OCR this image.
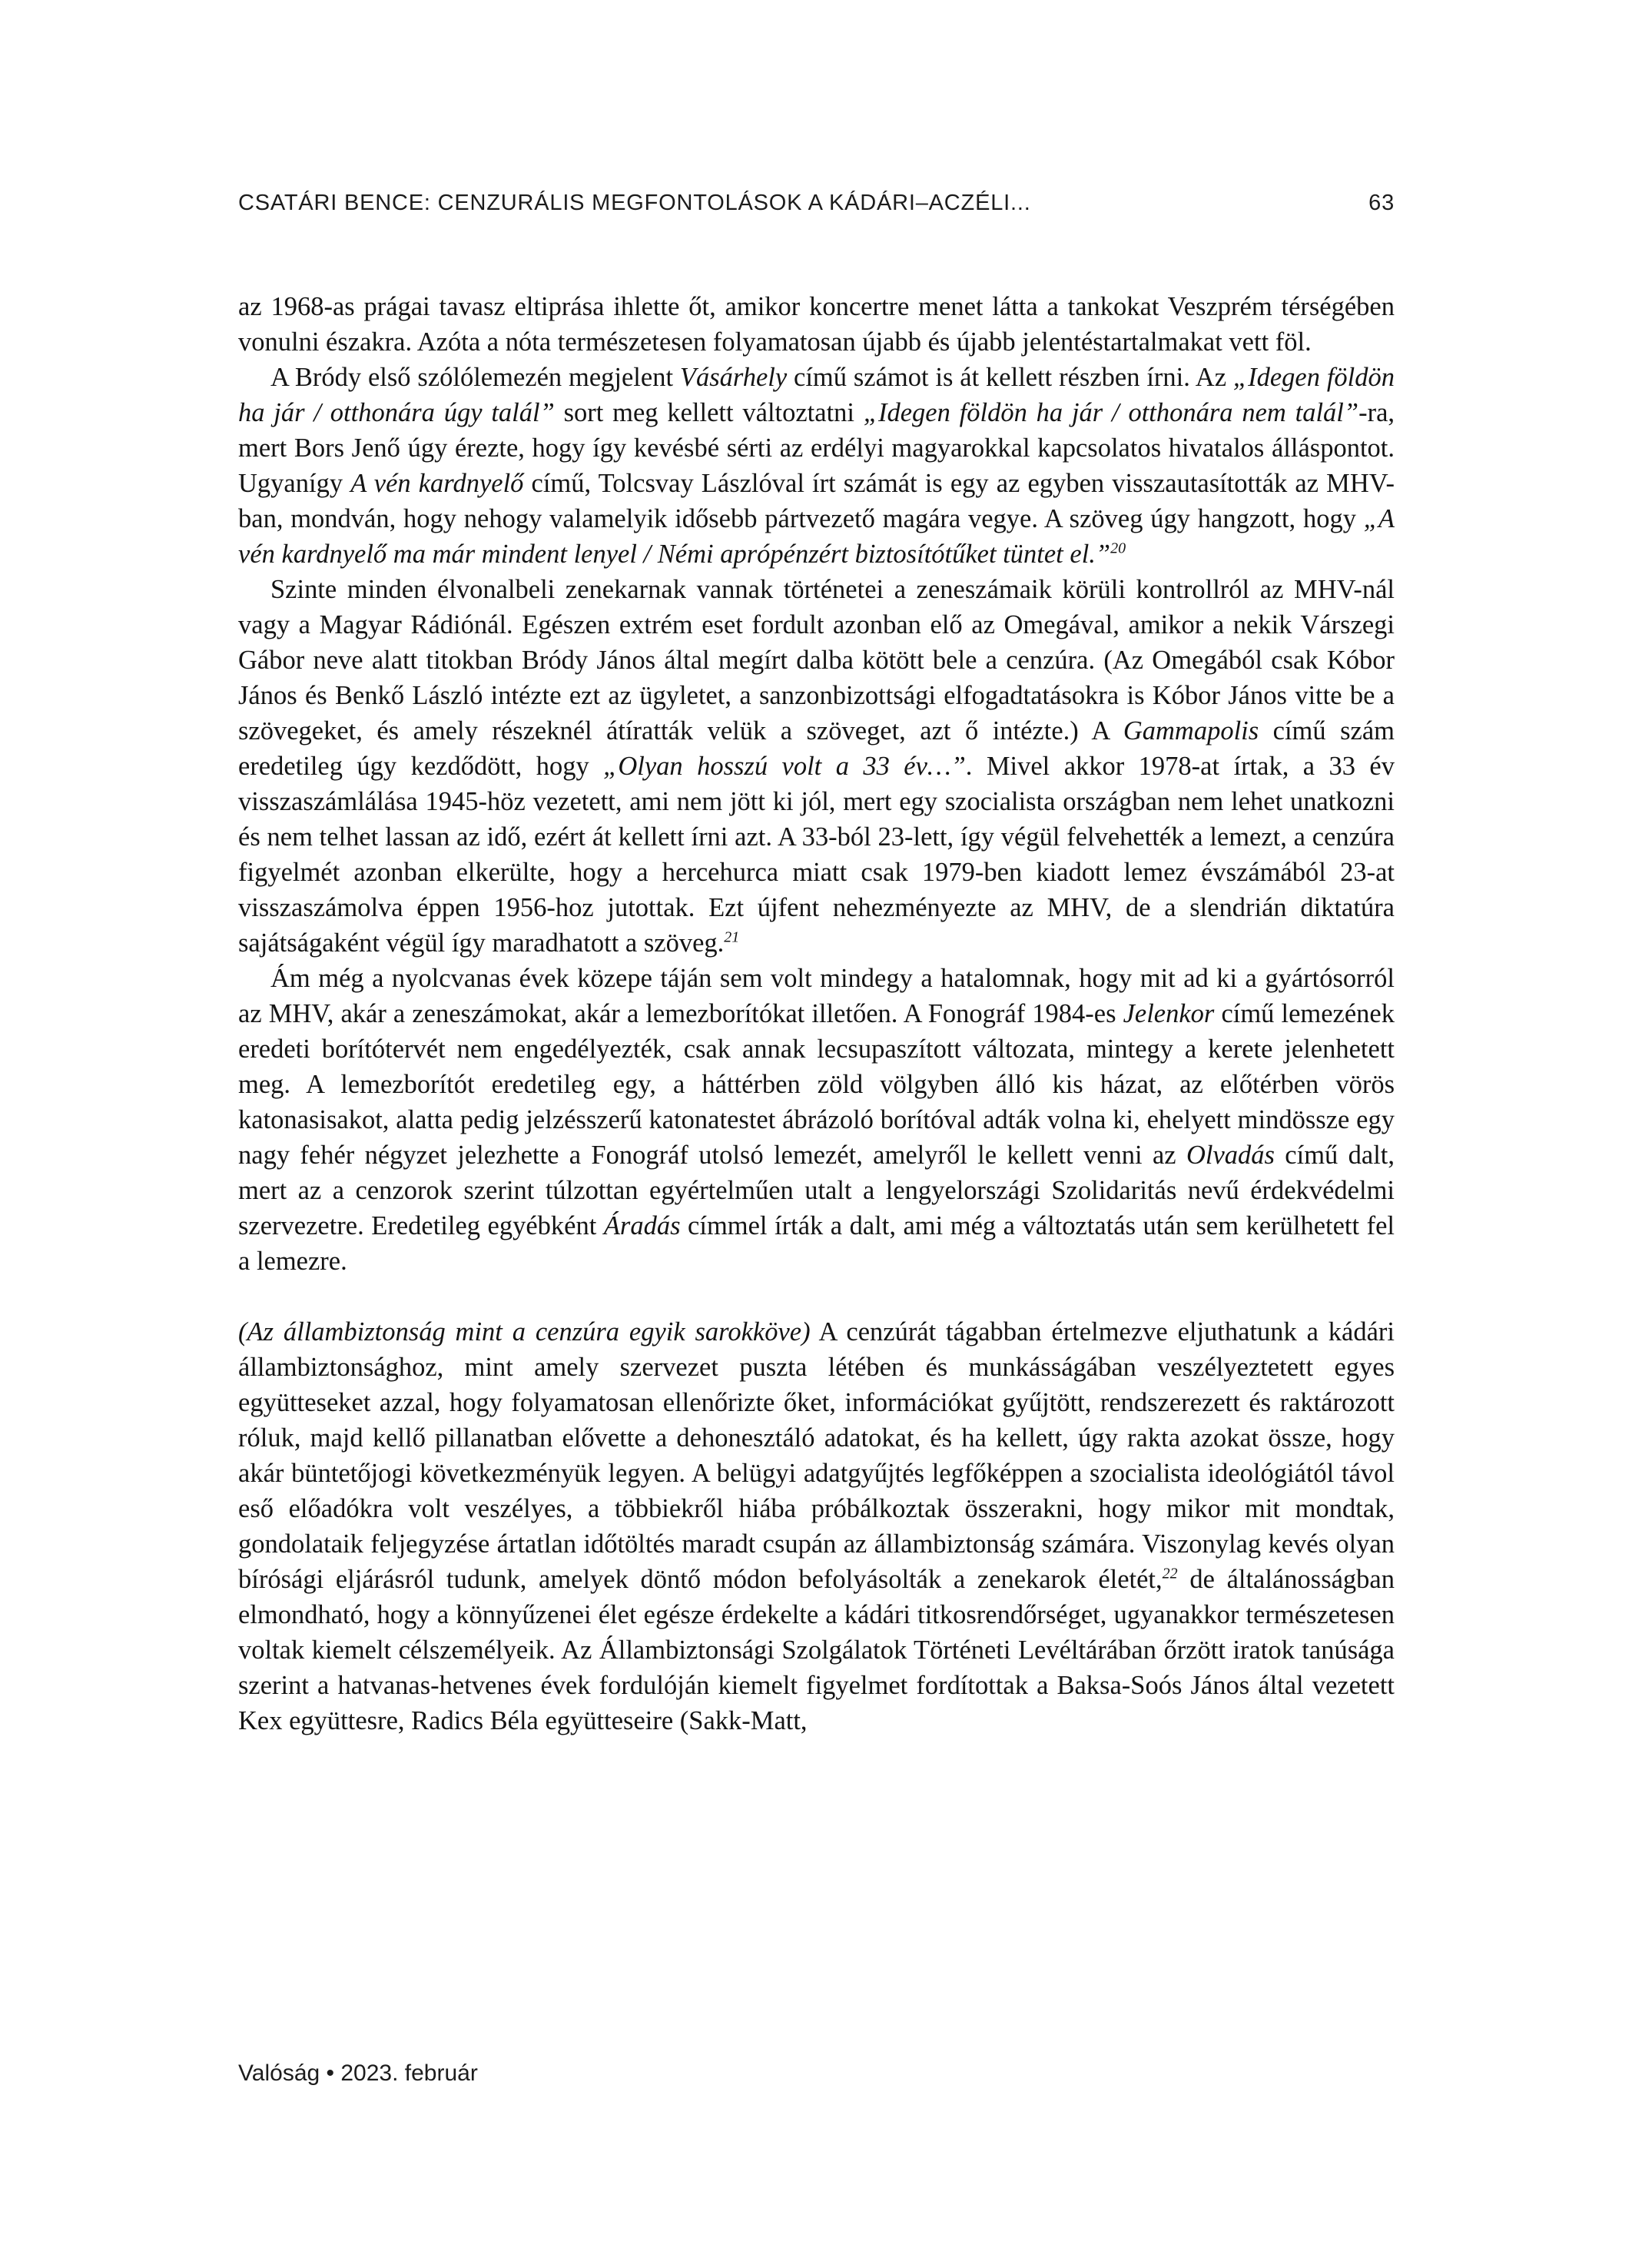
CSATÁRI BENCE: CENZURÁLIS MEGFONTOLÁSOK A KÁDÁRI–ACZÉLI...	63

az 1968-as prágai tavasz eltiprása ihlette őt, amikor koncertre menet látta a tankokat Veszprém térségében vonulni északra. Azóta a nóta természetesen folyamatosan újabb és újabb jelentéstartalmakat vett föl.

A Bródy első szólólemezén megjelent Vásárhely című számot is át kellett részben írni. Az „Idegen földön ha jár / otthonára úgy talál” sort meg kellett változtatni „Idegen földön ha jár / otthonára nem talál”-ra, mert Bors Jenő úgy érezte, hogy így kevésbé sérti az erdélyi magyarokkal kapcsolatos hivatalos álláspontot. Ugyanígy A vén kardnyelő című, Tolcsvay Lászlóval írt számát is egy az egyben visszautasították az MHV-ban, mondván, hogy nehogy valamelyik idősebb pártvezető magára vegye. A szöveg úgy hangzott, hogy „A vén kardnyelő ma már mindent lenyel / Némi aprópénzért biztosítótűket tüntet el.”$^{20}$

Szinte minden élvonalbeli zenekarnak vannak történetei a zeneszámaik körüli kontrollról az MHV-nál vagy a Magyar Rádiónál. Egészen extrém eset fordult azonban elő az Omegával, amikor a nekik Várszegi Gábor neve alatt titokban Bródy János által megírt dalba kötött bele a cenzúra. (Az Omegából csak Kóbor János és Benkő László intézte ezt az ügyletet, a sanzonbizottsági elfogadtatásokra is Kóbor János vitte be a szövegeket, és amely részeknél átíratták velük a szöveget, azt ő intézte.) A Gammapolis című szám eredetileg úgy kezdődött, hogy „Olyan hosszú volt a 33 év…”. Mivel akkor 1978-at írtak, a 33 év visszaszámlálása 1945-höz vezetett, ami nem jött ki jól, mert egy szocialista országban nem lehet unatkozni és nem telhet lassan az idő, ezért át kellett írni azt. A 33-ból 23-lett, így végül felvehették a lemezt, a cenzúra figyelmét azonban elkerülte, hogy a hercehurca miatt csak 1979-ben kiadott lemez évszámából 23-at visszaszámolva éppen 1956-hoz jutottak. Ezt újfent nehezményezte az MHV, de a slendrián diktatúra sajátságaként végül így maradhatott a szöveg.$^{21}$

Ám még a nyolcvanas évek közepe táján sem volt mindegy a hatalomnak, hogy mit ad ki a gyártósorról az MHV, akár a zeneszámokat, akár a lemezborítókat illetően. A Fonográf 1984-es Jelenkor című lemezének eredeti borítótervét nem engedélyezték, csak annak lecsupaszított változata, mintegy a kerete jelenhetett meg. A lemezborítót eredetileg egy, a háttérben zöld völgyben álló kis házat, az előtérben vörös katonasisakot, alatta pedig jelzésszerű katonatestet ábrázoló borítóval adták volna ki, ehelyett mindössze egy nagy fehér négyzet jelezhette a Fonográf utolsó lemezét, amelyről le kellett venni az Olvadás című dalt, mert az a cenzorok szerint túlzottan egyértelműen utalt a lengyelországi Szolidaritás nevű érdekvédelmi szervezetre. Eredetileg egyébként Áradás címmel írták a dalt, ami még a változtatás után sem kerülhetett fel a lemezre.

(Az állambiztonság mint a cenzúra egyik sarokköve) A cenzúrát tágabban értelmezve eljuthatunk a kádári állambiztonsághoz, mint amely szervezet puszta létében és munkásságában veszélyeztetett egyes együtteseket azzal, hogy folyamatosan ellenőrizte őket, információkat gyűjtött, rendszerezett és raktározott róluk, majd kellő pillanatban elővette a dehonesztáló adatokat, és ha kellett, úgy rakta azokat össze, hogy akár büntetőjogi következményük legyen. A belügyi adatgyűjtés legfőképpen a szocialista ideológiától távol eső előadókra volt veszélyes, a többiekről hiába próbálkoztak összerakni, hogy mikor mit mondtak, gondolataik feljegyzése ártatlan időtöltés maradt csupán az állambiztonság számára. Viszonylag kevés olyan bírósági eljárásról tudunk, amelyek döntő módon befolyásolták a zenekarok életét,$^{22}$ de általánosságban elmondható, hogy a könnyűzenei élet egésze érdekelte a kádári titkosrendőrséget, ugyanakkor természetesen voltak kiemelt célszemélyeik. Az Állambiztonsági Szolgálatok Történeti Levéltárában őrzött iratok tanúsága szerint a hatvanas-hetvenes évek fordulóján kiemelt figyelmet fordítottak a Baksa-Soós János által vezetett Kex együttesre, Radics Béla együtteseire (Sakk-Matt,

Valóság • 2023. február
